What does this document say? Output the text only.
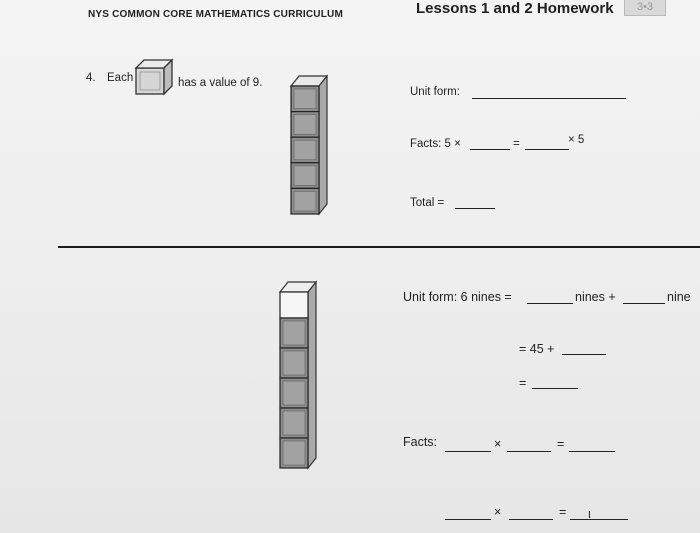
NYS COMMON CORE MATHEMATICS CURRICULUM	Lessons 1 and 2 Homework	3•3
4. Each	has a value of 9.
Unit form:
Facts: 5 ×	=	× 5
Total =
Unit form: 6 nines =	nines +	nine
= 45 +
=
Facts:	×	=
×	= ι
